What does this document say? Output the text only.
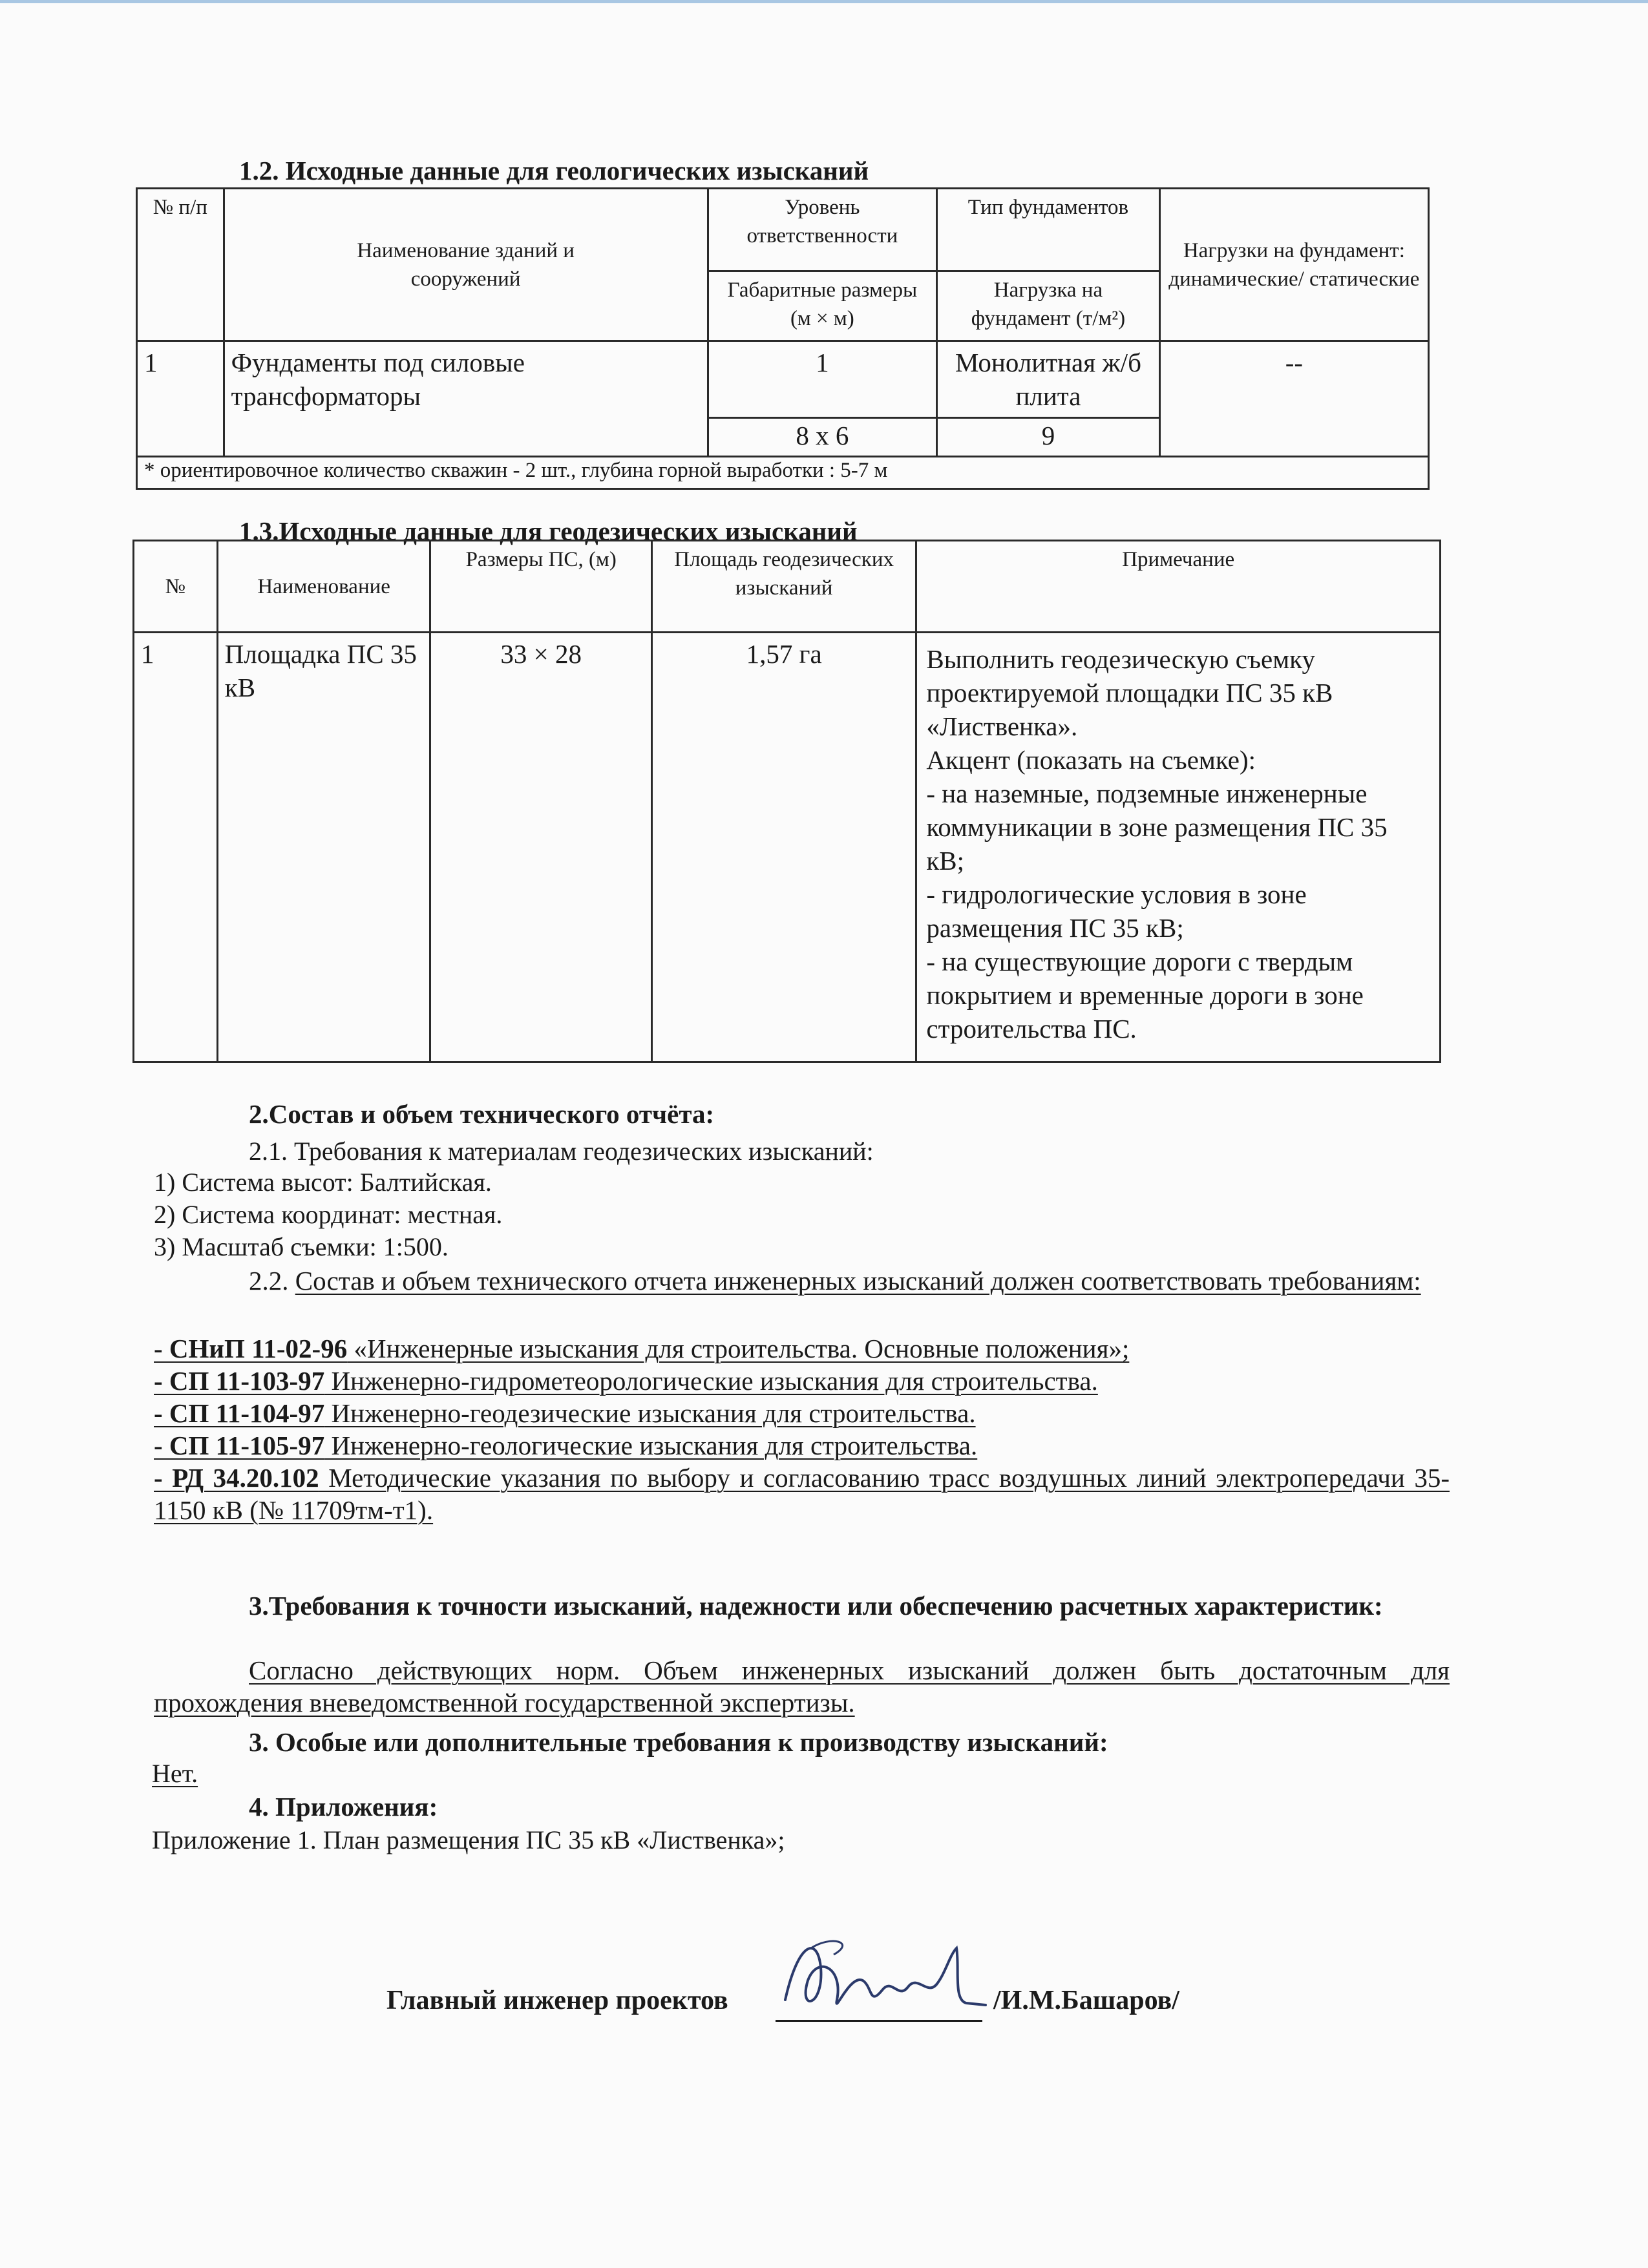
1.2. Исходные данные для геологических изысканий
№ п/п	Наименование зданий и сооружений	Уровень ответственности	Тип фундаментов	Нагрузки на фундамент: динамические/ статические
		Габаритные размеры (м × м)	Нагрузка на фундамент (т/м²)	
1	Фундаменты под силовые трансформаторы	1	Монолитная ж/б плита	--
		8 x 6	9	
* ориентировочное количество скважин - 2 шт., глубина горной выработки : 5-7 м				
1.3.Исходные данные для геодезических изысканий
№	Наименование	Размеры ПС, (м)	Площадь геодезических изысканий	Примечание
1	Площадка ПС 35 кВ	33 × 28	1,57 га	Выполнить геодезическую съемку проектируемой площадки ПС 35 кВ «Лиственка».
Акцент (показать на съемке):
- на наземные, подземные инженерные коммуникации в зоне размещения ПС 35 кВ;
- гидрологические условия в зоне размещения ПС 35 кВ;
- на существующие дороги с твердым покрытием и временные дороги в зоне строительства ПС.
2.Состав и объем технического отчёта:
2.1. Требования к материалам геодезических изысканий:
1) Система высот: Балтийская.
2) Система координат: местная.
3) Масштаб съемки: 1:500.
2.2. Состав и объем технического отчета инженерных изысканий должен соответствовать требованиям:
- СНиП 11-02-96 «Инженерные изыскания для строительства. Основные положения»;
- СП 11-103-97 Инженерно-гидрометеорологические изыскания для строительства.
- СП 11-104-97 Инженерно-геодезические изыскания для строительства.
- СП 11-105-97 Инженерно-геологические изыскания для строительства.
- РД 34.20.102 Методические указания по выбору и согласованию трасс воздушных линий электропередачи 35-1150 кВ (№ 11709тм-т1).
3.Требования к точности изысканий, надежности или обеспечению расчетных характеристик:
Согласно действующих норм. Объем инженерных изысканий должен быть достаточным для прохождения вневедомственной государственной экспертизы.
3. Особые или дополнительные требования к производству изысканий:
Нет.
4. Приложения:
Приложение 1. План размещения ПС 35 кВ «Лиственка»;
Главный инженер проектов	/И.М.Башаров/
